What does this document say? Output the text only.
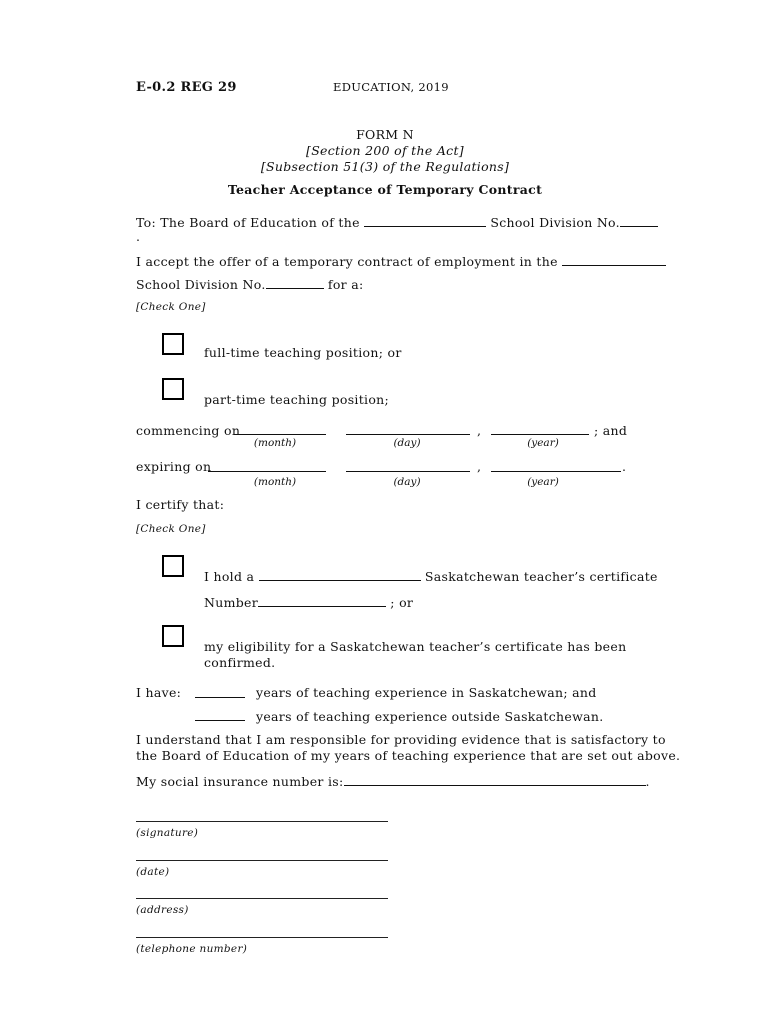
E-0.2 REG 29	EDUCATION, 2019
FORM N
[Section 200 of the Act]
[Subsection 51(3) of the Regulations]
Teacher Acceptance of Temporary Contract
To: The Board of Education of the	School Division No.
.
I accept the offer of a temporary contract of employment in the
School Division No.	for a:
[Check One]
full-time teaching position; or
part-time teaching position;
commencing on	,	; and
(month)	(day)	(year)
expiring on	,	.
(month)	(day)	(year)
I certify that:
[Check One]
I hold a	Saskatchewan teacher’s certificate
Number	; or
my eligibility for a Saskatchewan teacher’s certificate has been
confirmed.
I have:	years of teaching experience in Saskatchewan; and
years of teaching experience outside Saskatchewan.
I understand that I am responsible for providing evidence that is satisfactory to
the Board of Education of my years of teaching experience that are set out above.
My social insurance number is:	.
(signature)
(date)
(address)
(telephone number)
